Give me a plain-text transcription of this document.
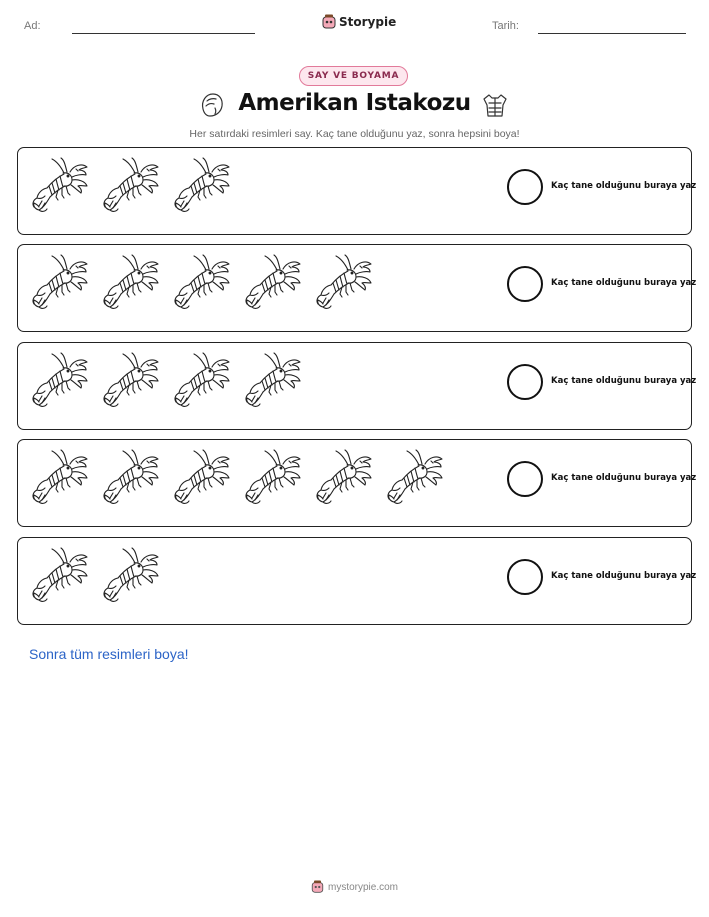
Ad:	Storypie	Tarih:
SAY VE BOYAMA
Amerikan Istakozu
Her satırdaki resimleri say. Kaç tane olduğunu yaz, sonra hepsini boya!
Kaç tane olduğunu buraya yaz
Kaç tane olduğunu buraya yaz
Kaç tane olduğunu buraya yaz
Kaç tane olduğunu buraya yaz
Kaç tane olduğunu buraya yaz
Sonra tüm resimleri boya!
mystorypie.com
